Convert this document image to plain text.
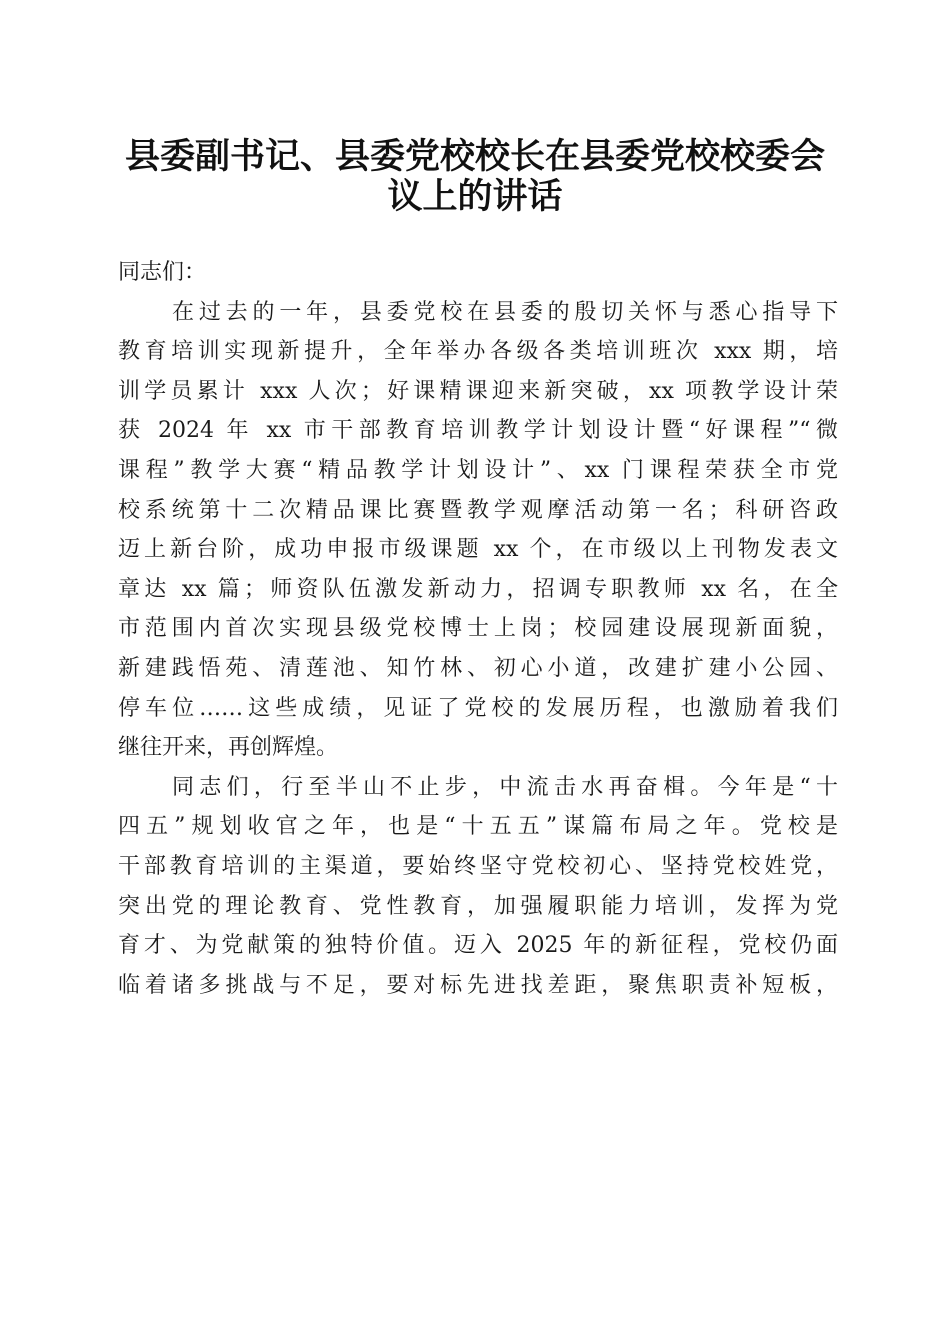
县委副书记、县委党校校长在县委党校校委会
议上的讲话
同志们：
在过去的一年，县委党校在县委的殷切关怀与悉心指导下
教育培训实现新提升，全年举办各级各类培训班次 xxx 期，培
训学员累计 xxx 人次；好课精课迎来新突破，xx 项教学设计荣
获 2024 年 xx 市干部教育培训教学计划设计暨“好课程”“微
课程”教学大赛“精品教学计划设计”、xx 门课程荣获全市党
校系统第十二次精品课比赛暨教学观摩活动第一名；科研咨政
迈上新台阶，成功申报市级课题 xx 个，在市级以上刊物发表文
章达 xx 篇；师资队伍激发新动力，招调专职教师 xx 名，在全
市范围内首次实现县级党校博士上岗；校园建设展现新面貌，
新建践悟苑、清莲池、知竹林、初心小道，改建扩建小公园、
停车位……这些成绩，见证了党校的发展历程，也激励着我们
继往开来，再创辉煌。
同志们，行至半山不止步，中流击水再奋楫。今年是“十
四五”规划收官之年，也是“十五五”谋篇布局之年。党校是
干部教育培训的主渠道，要始终坚守党校初心、坚持党校姓党，
突出党的理论教育、党性教育，加强履职能力培训，发挥为党
育才、为党献策的独特价值。迈入 2025 年的新征程，党校仍面
临着诸多挑战与不足，要对标先进找差距，聚焦职责补短板，
